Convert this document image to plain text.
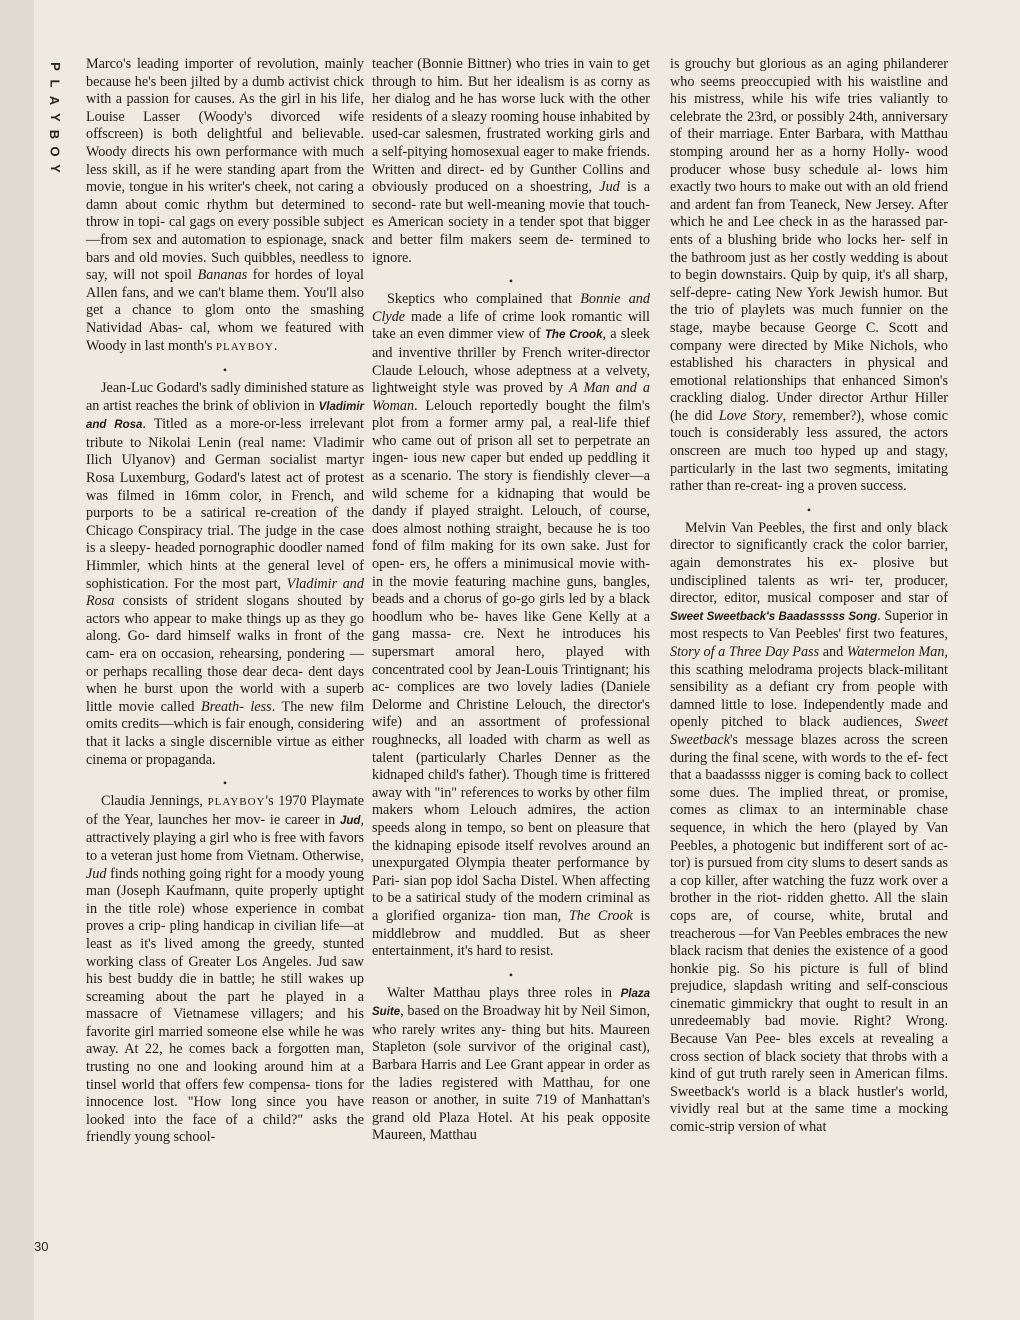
P
L
A
Y
B
O
Y

Marco's leading importer of revolution, mainly because he's been jilted by a dumb activist chick with a passion for causes. As the girl in his life, Louise Lasser (Woody's divorced wife offscreen) is both delightful and believable. Woody directs his own performance with much less skill, as if he were standing apart from the movie, tongue in his writer's cheek, not caring a damn about comic rhythm but determined to throw in topi- cal gags on every possible subject—from sex and automation to espionage, snack bars and old movies. Such quibbles, needless to say, will not spoil Bananas for hordes of loyal Allen fans, and we can't blame them. You'll also get a chance to glom onto the smashing Natividad Abas- cal, whom we featured with Woody in last month's PLAYBOY.

•

Jean-Luc Godard's sadly diminished stature as an artist reaches the brink of oblivion in Vladimir and Rosa. Titled as a more-or-less irrelevant tribute to Nikolai Lenin (real name: Vladimir Ilich Ulyanov) and German socialist martyr Rosa Luxemburg, Godard's latest act of protest was filmed in 16mm color, in French, and purports to be a satirical re-creation of the Chicago Conspiracy trial. The judge in the case is a sleepy- headed pornographic doodler named Himmler, which hints at the general level of sophistication. For the most part, Vladimir and Rosa consists of strident slogans shouted by actors who appear to make things up as they go along. Go- dard himself walks in front of the cam- era on occasion, rehearsing, pondering —or perhaps recalling those dear deca- dent days when he burst upon the world with a superb little movie called Breath- less. The new film omits credits—which is fair enough, considering that it lacks a single discernible virtue as either cinema or propaganda.

•

Claudia Jennings, PLAYBOY's 1970 Playmate of the Year, launches her mov- ie career in Jud, attractively playing a girl who is free with favors to a veteran just home from Vietnam. Otherwise, Jud finds nothing going right for a moody young man (Joseph Kaufmann, quite properly uptight in the title role) whose experience in combat proves a crip- pling handicap in civilian life—at least as it's lived among the greedy, stunted working class of Greater Los Angeles. Jud saw his best buddy die in battle; he still wakes up screaming about the part he played in a massacre of Vietnamese villagers; and his favorite girl married someone else while he was away. At 22, he comes back a forgotten man, trusting no one and looking around him at a tinsel world that offers few compensa- tions for innocence lost. "How long since you have looked into the face of a child?" asks the friendly young school-

teacher (Bonnie Bittner) who tries in vain to get through to him. But her idealism is as corny as her dialog and he has worse luck with the other residents of a sleazy rooming house inhabited by used-car salesmen, frustrated working girls and a self-pitying homosexual eager to make friends. Written and direct- ed by Gunther Collins and obviously produced on a shoestring, Jud is a second- rate but well-meaning movie that touch- es American society in a tender spot that bigger and better film makers seem de- termined to ignore.

•

Skeptics who complained that Bonnie and Clyde made a life of crime look romantic will take an even dimmer view of The Crook, a sleek and inventive thriller by French writer-director Claude Lelouch, whose adeptness at a velvety, lightweight style was proved by A Man and a Woman. Lelouch reportedly bought the film's plot from a former army pal, a real-life thief who came out of prison all set to perpetrate an ingen- ious new caper but ended up peddling it as a scenario. The story is fiendishly clever—a wild scheme for a kidnaping that would be dandy if played straight. Lelouch, of course, does almost nothing straight, because he is too fond of film making for its own sake. Just for open- ers, he offers a minimusical movie with- in the movie featuring machine guns, bangles, beads and a chorus of go-go girls led by a black hoodlum who be- haves like Gene Kelly at a gang massa- cre. Next he introduces his supersmart amoral hero, played with concentrated cool by Jean-Louis Trintignant; his ac- complices are two lovely ladies (Daniele Delorme and Christine Lelouch, the director's wife) and an assortment of professional roughnecks, all loaded with charm as well as talent (particularly Charles Denner as the kidnaped child's father). Though time is frittered away with "in" references to works by other film makers whom Lelouch admires, the action speeds along in tempo, so bent on pleasure that the kidnaping episode itself revolves around an unexpurgated Olympia theater performance by Pari- sian pop idol Sacha Distel. When affecting to be a satirical study of the modern criminal as a glorified organiza- tion man, The Crook is middlebrow and muddled. But as sheer entertainment, it's hard to resist.

•

Walter Matthau plays three roles in Plaza Suite, based on the Broadway hit by Neil Simon, who rarely writes any- thing but hits. Maureen Stapleton (sole survivor of the original cast), Barbara Harris and Lee Grant appear in order as the ladies registered with Matthau, for one reason or another, in suite 719 of Manhattan's grand old Plaza Hotel. At his peak opposite Maureen, Matthau

is grouchy but glorious as an aging philanderer who seems preoccupied with his waistline and his mistress, while his wife tries valiantly to celebrate the 23rd, or possibly 24th, anniversary of their marriage. Enter Barbara, with Matthau stomping around her as a horny Holly- wood producer whose busy schedule al- lows him exactly two hours to make out with an old friend and ardent fan from Teaneck, New Jersey. After which he and Lee check in as the harassed par- ents of a blushing bride who locks her- self in the bathroom just as her costly wedding is about to begin downstairs. Quip by quip, it's all sharp, self-depre- cating New York Jewish humor. But the trio of playlets was much funnier on the stage, maybe because George C. Scott and company were directed by Mike Nichols, who established his characters in physical and emotional relationships that enhanced Simon's crackling dialog. Under director Arthur Hiller (he did Love Story, remember?), whose comic touch is considerably less assured, the actors onscreen are much too hyped up and stagy, particularly in the last two segments, imitating rather than re-creat- ing a proven success.

•

Melvin Van Peebles, the first and only black director to significantly crack the color barrier, again demonstrates his ex- plosive but undisciplined talents as wri- ter, producer, director, editor, musical composer and star of Sweet Sweetback's Baadasssss Song. Superior in most respects to Van Peebles' first two features, Story of a Three Day Pass and Watermelon Man, this scathing melodrama projects black-militant sensibility as a defiant cry from people with damned little to lose. Independently made and openly pitched to black audiences, Sweet Sweetback's message blazes across the screen during the final scene, with words to the ef- fect that a baadassss nigger is coming back to collect some dues. The implied threat, or promise, comes as climax to an interminable chase sequence, in which the hero (played by Van Peebles, a photogenic but indifferent sort of ac- tor) is pursued from city slums to desert sands as a cop killer, after watching the fuzz work over a brother in the riot- ridden ghetto. All the slain cops are, of course, white, brutal and treacherous —for Van Peebles embraces the new black racism that denies the existence of a good honkie pig. So his picture is full of blind prejudice, slapdash writing and self-conscious cinematic gimmickry that ought to result in an unredeemably bad movie. Right? Wrong. Because Van Pee- bles excels at revealing a cross section of black society that throbs with a kind of gut truth rarely seen in American films. Sweetback's world is a black hustler's world, vividly real but at the same time a mocking comic-strip version of what

30
